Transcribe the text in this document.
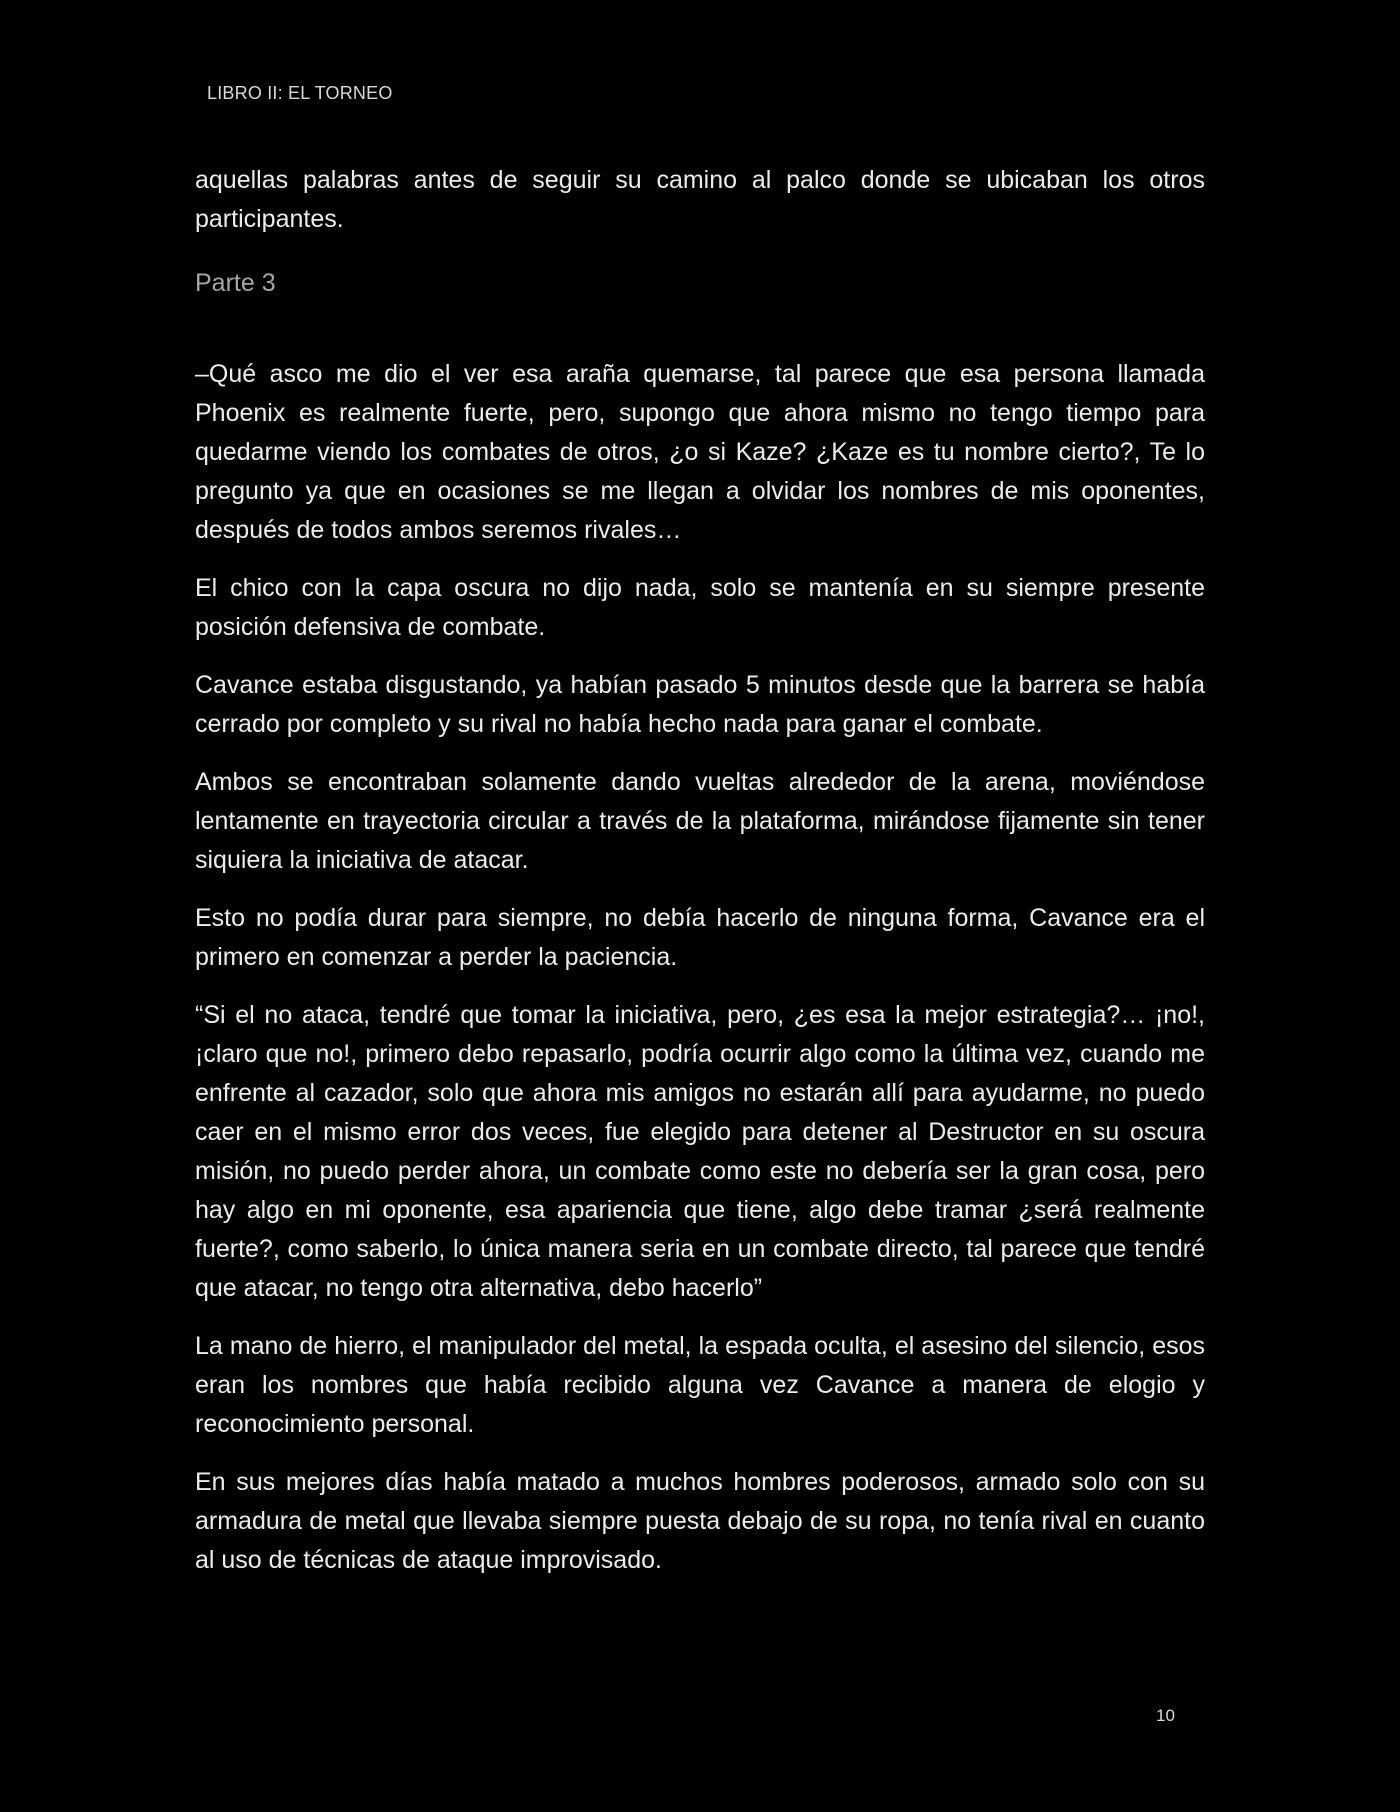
LIBRO II: EL TORNEO

aquellas palabras antes de seguir su camino al palco donde se ubicaban los otros participantes.

Parte 3

–Qué asco me dio el ver esa araña quemarse, tal parece que esa persona llamada Phoenix es realmente fuerte, pero, supongo que ahora mismo no tengo tiempo para quedarme viendo los combates de otros, ¿o si Kaze? ¿Kaze es tu nombre cierto?, Te lo pregunto ya que en ocasiones se me llegan a olvidar los nombres de mis oponentes, después de todos ambos seremos rivales…

El chico con la capa oscura no dijo nada, solo se mantenía en su siempre presente posición defensiva de combate.

Cavance estaba disgustando, ya habían pasado 5 minutos desde que la barrera se había cerrado por completo y su rival no había hecho nada para ganar el combate.

Ambos se encontraban solamente dando vueltas alrededor de la arena, moviéndose lentamente en trayectoria circular a través de la plataforma, mirándose fijamente sin tener siquiera la iniciativa de atacar.

Esto no podía durar para siempre, no debía hacerlo de ninguna forma, Cavance era el primero en comenzar a perder la paciencia.

“Si el no ataca, tendré que tomar la iniciativa, pero, ¿es esa la mejor estrategia?… ¡no!, ¡claro que no!, primero debo repasarlo, podría ocurrir algo como la última vez, cuando me enfrente al cazador, solo que ahora mis amigos no estarán allí para ayudarme, no puedo caer en el mismo error dos veces, fue elegido para detener al Destructor en su oscura misión, no puedo perder ahora, un combate como este no debería ser la gran cosa, pero hay algo en mi oponente, esa apariencia que tiene, algo debe tramar ¿será realmente fuerte?, como saberlo, lo única manera seria en un combate directo, tal parece que tendré que atacar, no tengo otra alternativa, debo hacerlo”

La mano de hierro, el manipulador del metal, la espada oculta, el asesino del silencio, esos eran los nombres que había recibido alguna vez Cavance a manera de elogio y reconocimiento personal.

En sus mejores días había matado a muchos hombres poderosos, armado solo con su armadura de metal que llevaba siempre puesta debajo de su ropa, no tenía rival en cuanto al uso de técnicas de ataque improvisado.

10
